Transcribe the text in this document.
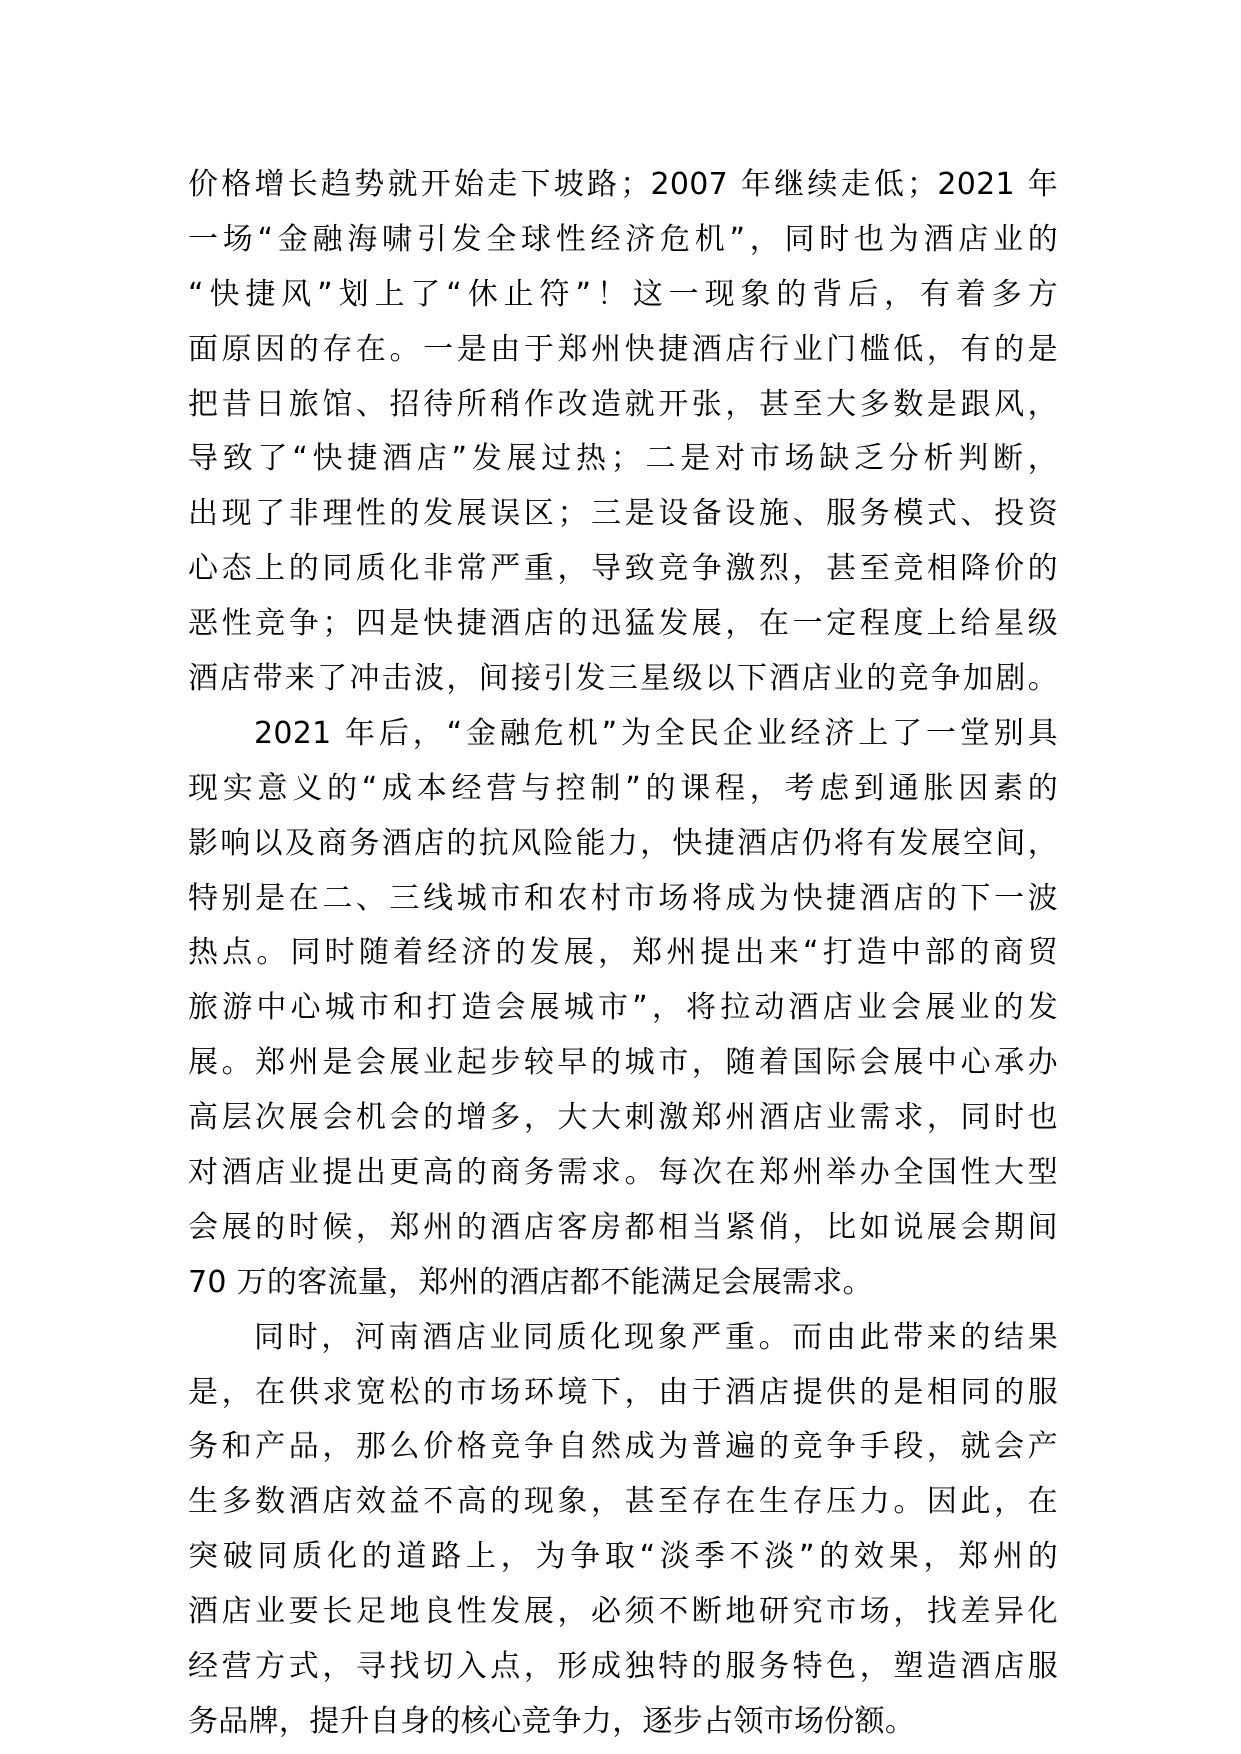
价格增长趋势就开始走下坡路；2007 年继续走低；2021 年
一场“金融海啸引发全球性经济危机”，同时也为酒店业的
“快捷风”划上了“休止符”！这一现象的背后，有着多方
面原因的存在。一是由于郑州快捷酒店行业门槛低，有的是
把昔日旅馆、招待所稍作改造就开张，甚至大多数是跟风，
导致了“快捷酒店”发展过热；二是对市场缺乏分析判断，
出现了非理性的发展误区；三是设备设施、服务模式、投资
心态上的同质化非常严重，导致竞争激烈，甚至竞相降价的
恶性竞争；四是快捷酒店的迅猛发展，在一定程度上给星级
酒店带来了冲击波，间接引发三星级以下酒店业的竞争加剧。
2021 年后，“金融危机”为全民企业经济上了一堂别具
现实意义的“成本经营与控制”的课程，考虑到通胀因素的
影响以及商务酒店的抗风险能力，快捷酒店仍将有发展空间，
特别是在二、三线城市和农村市场将成为快捷酒店的下一波
热点。同时随着经济的发展，郑州提出来“打造中部的商贸
旅游中心城市和打造会展城市”，将拉动酒店业会展业的发
展。郑州是会展业起步较早的城市，随着国际会展中心承办
高层次展会机会的增多，大大刺激郑州酒店业需求，同时也
对酒店业提出更高的商务需求。每次在郑州举办全国性大型
会展的时候，郑州的酒店客房都相当紧俏，比如说展会期间
70 万的客流量，郑州的酒店都不能满足会展需求。
同时，河南酒店业同质化现象严重。而由此带来的结果
是，在供求宽松的市场环境下，由于酒店提供的是相同的服
务和产品，那么价格竞争自然成为普遍的竞争手段，就会产
生多数酒店效益不高的现象，甚至存在生存压力。因此，在
突破同质化的道路上，为争取“淡季不淡”的效果，郑州的
酒店业要长足地良性发展，必须不断地研究市场，找差异化
经营方式，寻找切入点，形成独特的服务特色，塑造酒店服
务品牌，提升自身的核心竞争力，逐步占领市场份额。
